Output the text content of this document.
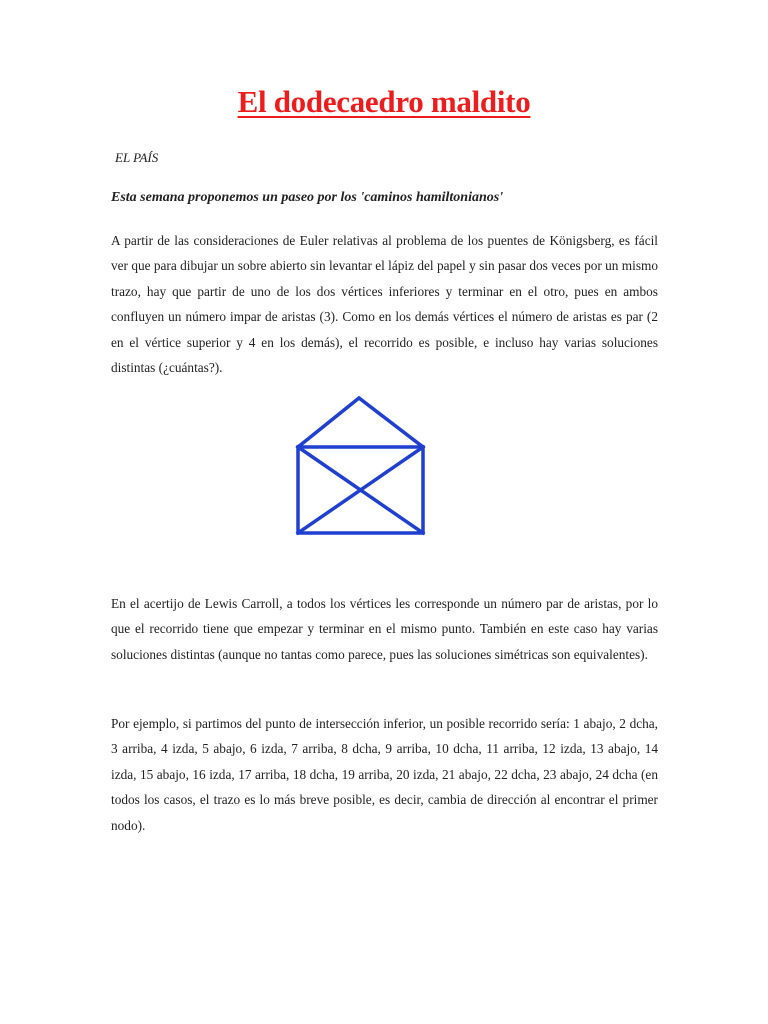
El dodecaedro maldito

EL PAÍS

Esta semana proponemos un paseo por los 'caminos hamiltonianos'

A partir de las consideraciones de Euler relativas al problema de los puentes de Königsberg, es fácil ver que para dibujar un sobre abierto sin levantar el lápiz del papel y sin pasar dos veces por un mismo trazo, hay que partir de uno de los dos vértices inferiores y terminar en el otro, pues en ambos confluyen un número impar de aristas (3). Como en los demás vértices el número de aristas es par (2 en el vértice superior y 4 en los demás), el recorrido es posible, e incluso hay varias soluciones distintas (¿cuántas?).

En el acertijo de Lewis Carroll, a todos los vértices les corresponde un número par de aristas, por lo que el recorrido tiene que empezar y terminar en el mismo punto. También en este caso hay varias soluciones distintas (aunque no tantas como parece, pues las soluciones simétricas son equivalentes).

Por ejemplo, si partimos del punto de intersección inferior, un posible recorrido sería: 1 abajo, 2 dcha, 3 arriba, 4 izda, 5 abajo, 6 izda, 7 arriba, 8 dcha, 9 arriba, 10 dcha, 11 arriba, 12 izda, 13 abajo, 14 izda, 15 abajo, 16 izda, 17 arriba, 18 dcha, 19 arriba, 20 izda, 21 abajo, 22 dcha, 23 abajo, 24 dcha (en todos los casos, el trazo es lo más breve posible, es decir, cambia de dirección al encontrar el primer nodo).
